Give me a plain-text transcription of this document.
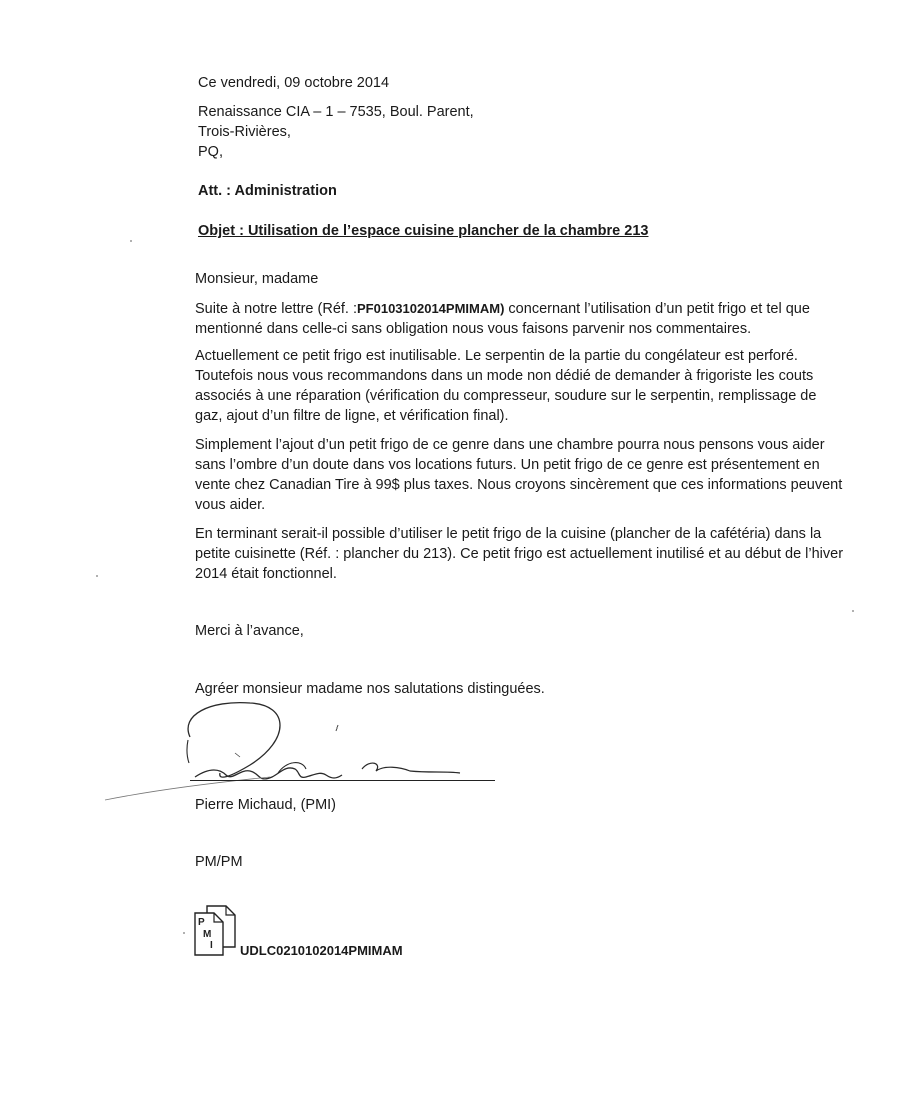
Ce vendredi, 09 octobre 2014
Renaissance CIA – 1 – 7535, Boul. Parent,
Trois-Rivières,
PQ,
Att. : Administration
Objet : Utilisation de l’espace cuisine plancher de la chambre 213
Monsieur, madame
Suite à notre lettre (Réf. :PF0103102014PMIMAM) concernant l’utilisation d’un petit frigo et tel que mentionné dans celle-ci sans obligation nous vous faisons parvenir nos commentaires.
Actuellement ce petit frigo est inutilisable. Le serpentin de la partie du congélateur est perforé. Toutefois nous vous recommandons dans un mode non dédié de demander à frigoriste les couts associés à une réparation (vérification du compresseur, soudure sur le serpentin, remplissage de gaz, ajout d’un filtre de ligne, et vérification final).
Simplement l’ajout d’un petit frigo de ce genre dans une chambre pourra nous pensons vous aider sans l’ombre d’un doute dans vos locations futurs. Un petit frigo de ce genre est présentement en vente chez Canadian Tire à 99$ plus taxes. Nous croyons sincèrement que ces informations peuvent vous aider.
En terminant serait-il possible d’utiliser le petit frigo de la cuisine (plancher de la cafétéria) dans la petite cuisinette (Réf. : plancher du 213). Ce petit frigo est actuellement inutilisé et au début de l’hiver 2014 était fonctionnel.
Merci à l’avance,
Agréer monsieur madame nos salutations distinguées.
Pierre Michaud, (PMI)
PM/PM
P
M
I UDLC0210102014PMIMAM
